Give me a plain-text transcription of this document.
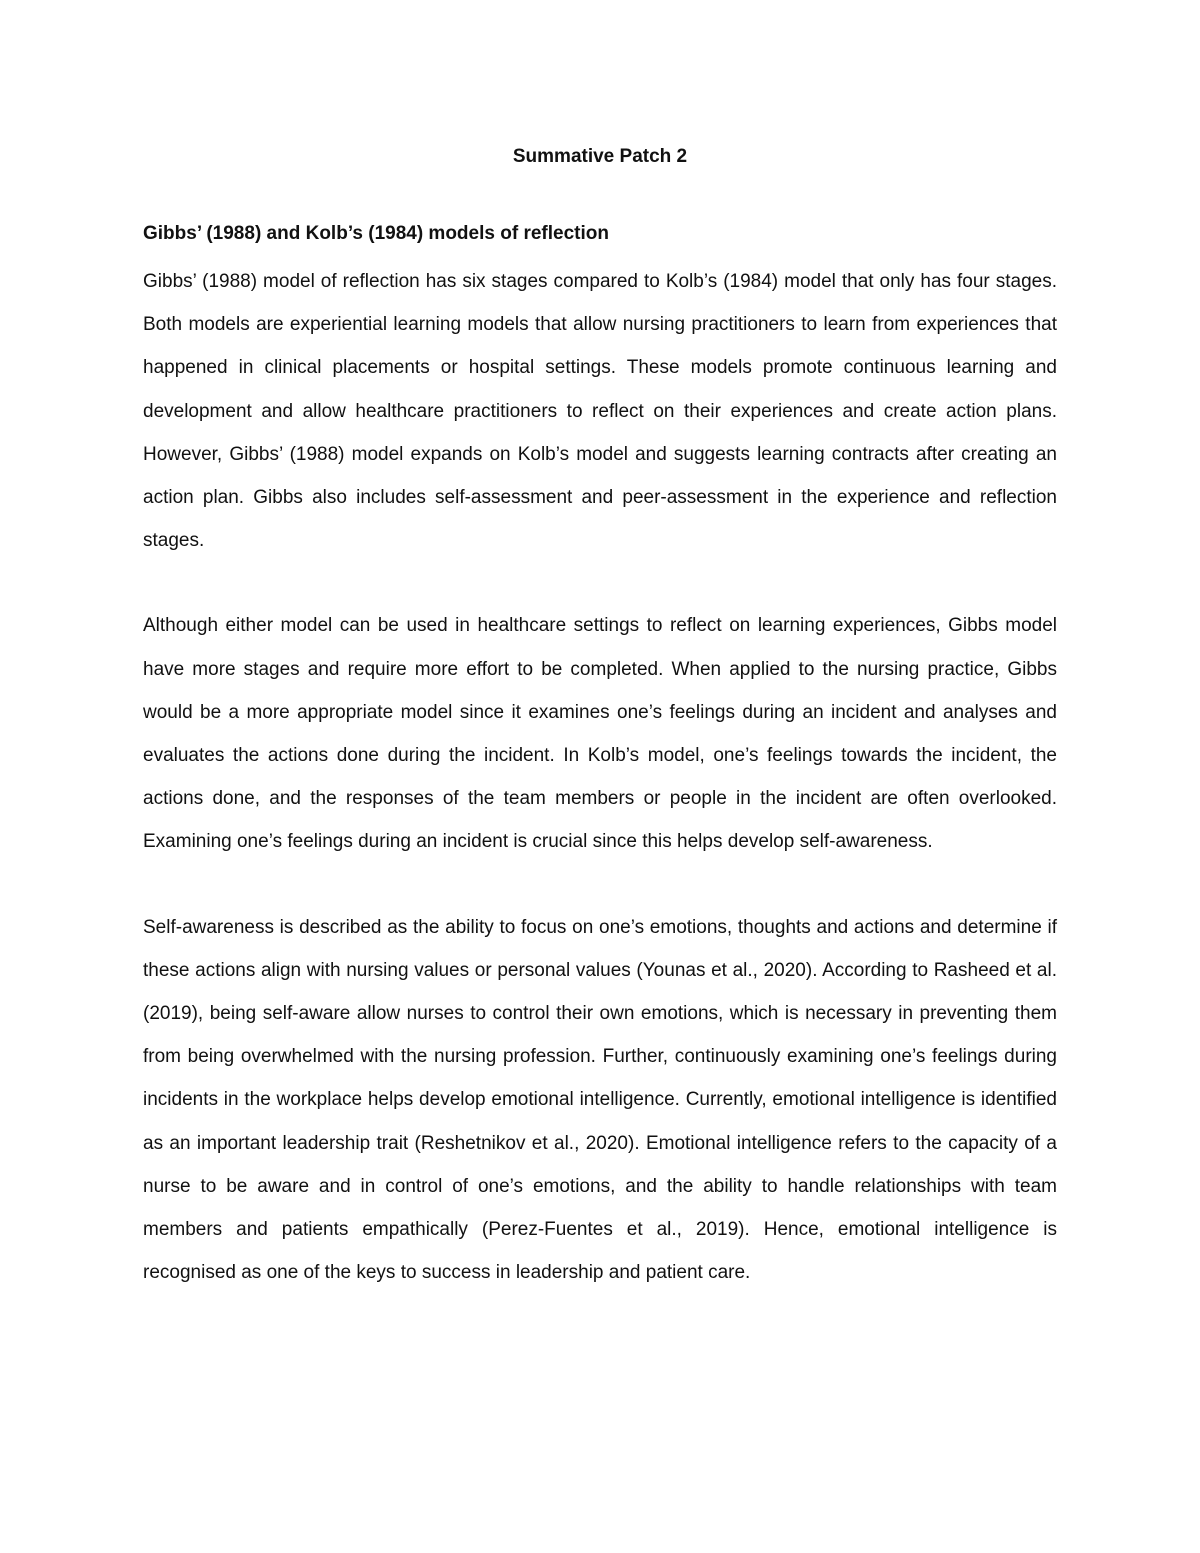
Summative Patch 2
Gibbs’ (1988) and Kolb’s (1984) models of reflection

Gibbs’ (1988) model of reflection has six stages compared to Kolb’s (1984) model that only has four stages. Both models are experiential learning models that allow nursing practitioners to learn from experiences that happened in clinical placements or hospital settings. These models promote continuous learning and development and allow healthcare practitioners to reflect on their experiences and create action plans. However, Gibbs’ (1988) model expands on Kolb’s model and suggests learning contracts after creating an action plan. Gibbs also includes self-assessment and peer-assessment in the experience and reflection stages.

Although either model can be used in healthcare settings to reflect on learning experiences, Gibbs model have more stages and require more effort to be completed. When applied to the nursing practice, Gibbs would be a more appropriate model since it examines one’s feelings during an incident and analyses and evaluates the actions done during the incident. In Kolb’s model, one’s feelings towards the incident, the actions done, and the responses of the team members or people in the incident are often overlooked. Examining one’s feelings during an incident is crucial since this helps develop self-awareness.

Self-awareness is described as the ability to focus on one’s emotions, thoughts and actions and determine if these actions align with nursing values or personal values (Younas et al., 2020). According to Rasheed et al. (2019), being self-aware allow nurses to control their own emotions, which is necessary in preventing them from being overwhelmed with the nursing profession. Further, continuously examining one’s feelings during incidents in the workplace helps develop emotional intelligence. Currently, emotional intelligence is identified as an important leadership trait (Reshetnikov et al., 2020). Emotional intelligence refers to the capacity of a nurse to be aware and in control of one’s emotions, and the ability to handle relationships with team members and patients empathically (Perez-Fuentes et al., 2019). Hence, emotional intelligence is recognised as one of the keys to success in leadership and patient care.
